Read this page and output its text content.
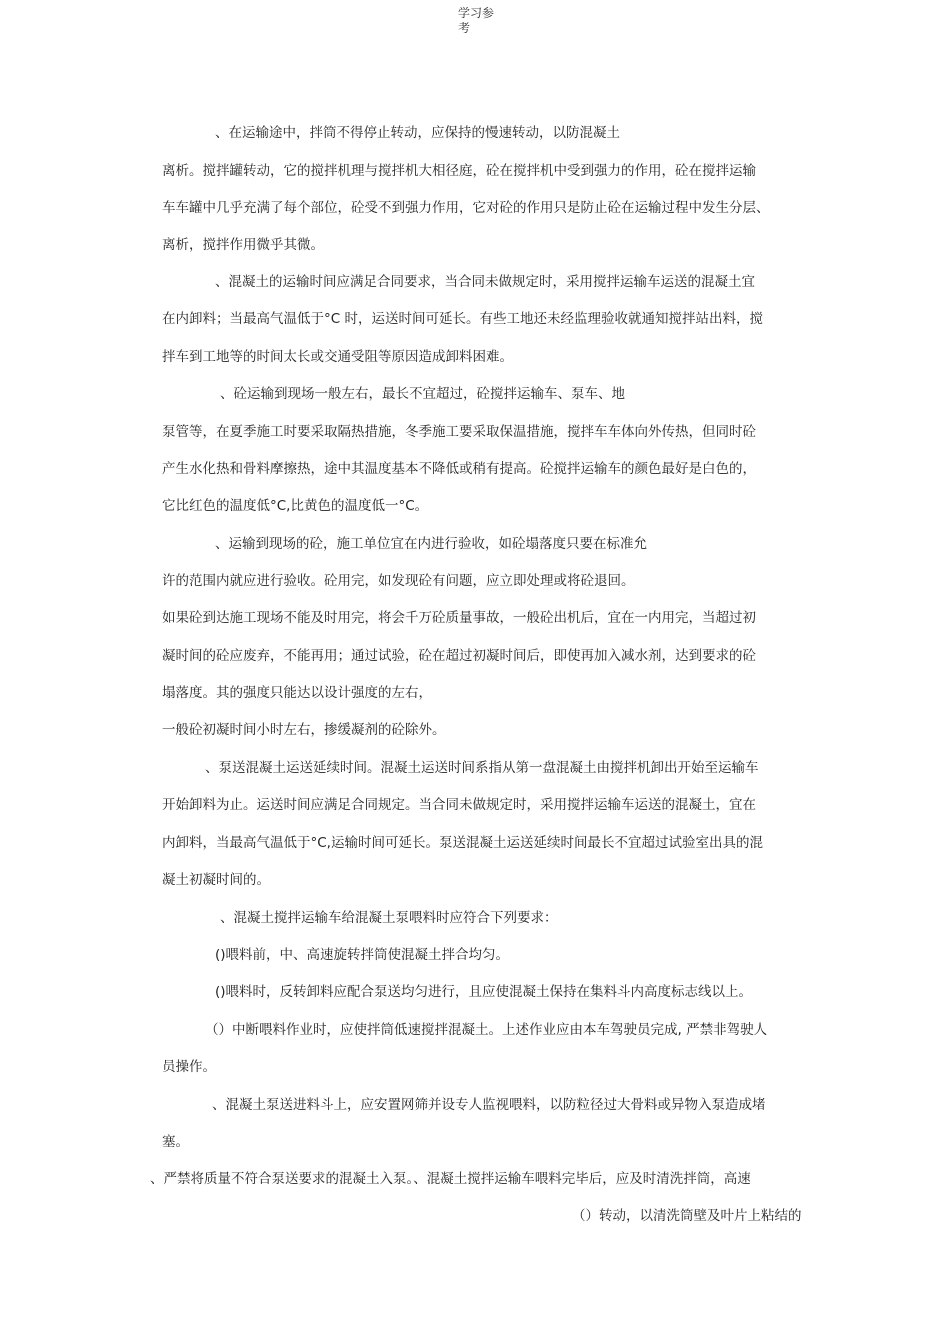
学习参
考
、在运输途中，拌筒不得停止转动，应保持的慢速转动，以防混凝土
离析。搅拌罐转动，它的搅拌机理与搅拌机大相径庭，砼在搅拌机中受到强力的作用，砼在搅拌运输
车车罐中几乎充满了每个部位，砼受不到强力作用，它对砼的作用只是防止砼在运输过程中发生分层、
离析，搅拌作用微乎其微。
、混凝土的运输时间应满足合同要求，当合同未做规定时，采用搅拌运输车运送的混凝土宜
在内卸料；当最高气温低于°C 时，运送时间可延长。有些工地还未经监理验收就通知搅拌站出料，搅
拌车到工地等的时间太长或交通受阻等原因造成卸料困难。
、砼运输到现场一般左右，最长不宜超过，砼搅拌运输车、泵车、地
泵管等，在夏季施工时要采取隔热措施，冬季施工要采取保温措施，搅拌车车体向外传热，但同时砼
产生水化热和骨料摩擦热，途中其温度基本不降低或稍有提高。砼搅拌运输车的颜色最好是白色的，
它比红色的温度低°C,比黄色的温度低一°C。
、运输到现场的砼，施工单位宜在内进行验收，如砼塌落度只要在标准允
许的范围内就应进行验收。砼用完，如发现砼有问题，应立即处理或将砼退回。
如果砼到达施工现场不能及时用完，将会千万砼质量事故，一般砼出机后，宜在一内用完，当超过初
凝时间的砼应废弃，不能再用；通过试验，砼在超过初凝时间后，即使再加入减水剂，达到要求的砼
塌落度。其的强度只能达以设计强度的左右，
一般砼初凝时间小时左右，掺缓凝剂的砼除外。
、泵送混凝土运送延续时间。混凝土运送时间系指从第一盘混凝土由搅拌机卸出开始至运输车
开始卸料为止。运送时间应满足合同规定。当合同未做规定时，采用搅拌运输车运送的混凝土，宜在
内卸料，当最高气温低于°C,运输时间可延长。泵送混凝土运送延续时间最长不宜超过试验室出具的混
凝土初凝时间的。
、混凝土搅拌运输车给混凝土泵喂料时应符合下列要求：
()喂料前，中、高速旋转拌筒使混凝土拌合均匀。
()喂料时，反转卸料应配合泵送均匀进行，且应使混凝土保持在集料斗内高度标志线以上。
（）中断喂料作业时，应使拌筒低速搅拌混凝土。上述作业应由本车驾驶员完成, 严禁非驾驶人
员操作。
、混凝土泵送进料斗上，应安置网筛并设专人监视喂料，以防粒径过大骨料或异物入泵造成堵
塞。
、严禁将质量不符合泵送要求的混凝土入泵。、混凝土搅拌运输车喂料完毕后，应及时清洗拌筒，高速
（）转动，以清洗筒壁及叶片上粘结的
